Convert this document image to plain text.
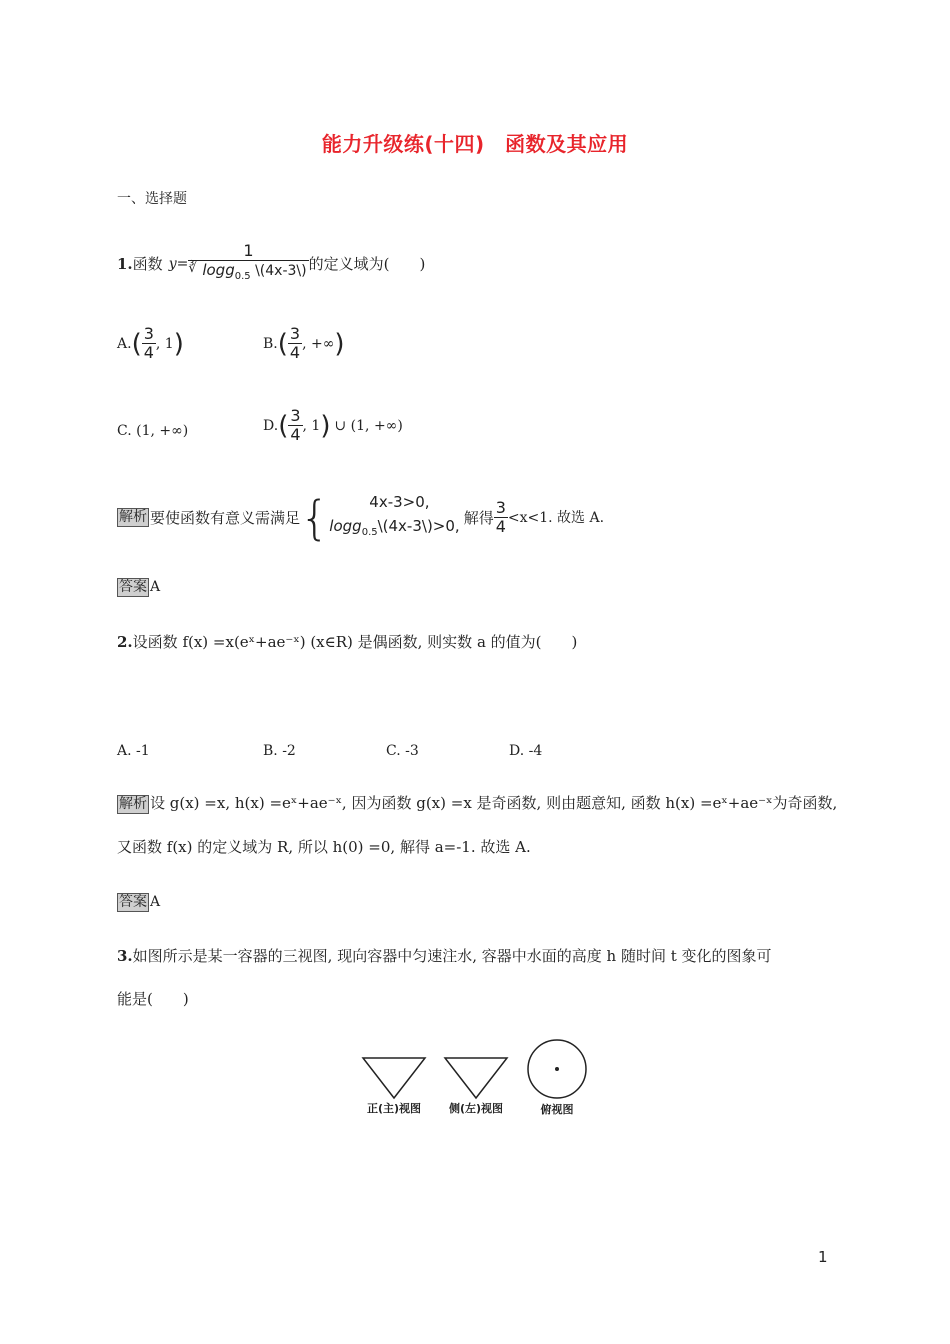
能力升级练(十四)　函数及其应用
一、选择题
1. 函数 $y= \frac{1}{∛ \log g_{0.5} \backslash(4x-3\backslash)}$ 的定义域为(　　)
A. ( $\frac{3}{4}$ , 1 )	B. ( $\frac{3}{4}$ , +∞ )
C. (1, +∞)	D. ( $\frac{3}{4}$ , 1 ) ∪ (1, +∞)
解析 要使函数有意义需满足 {	4x-3>0,
logg$_{0.5}$\(4x-3\)>0, 解得 $\frac{3}{4} <x<1$. 故选 A.
答案 A
2.设函数 f(x) =x(eˣ+ae⁻ˣ) (x∈R) 是偶函数, 则实数 a 的值为(　　)
A. -1	B. -2	C. -3	D. -4
解析 设 g(x) =x, h(x) =eˣ+ae⁻ˣ, 因为函数 g(x) =x 是奇函数, 则由题意知, 函数 h(x) =eˣ+ae⁻ˣ为奇函数,
又函数 f(x) 的定义域为 R, 所以 h(0) =0, 解得 a=-1. 故选 A.
答案 A
3.如图所示是某一容器的三视图, 现向容器中匀速注水, 容器中水面的高度 h 随时间 t 变化的图象可
能是(　　)
正(主)视图	侧(左)视图	俯视图
1
